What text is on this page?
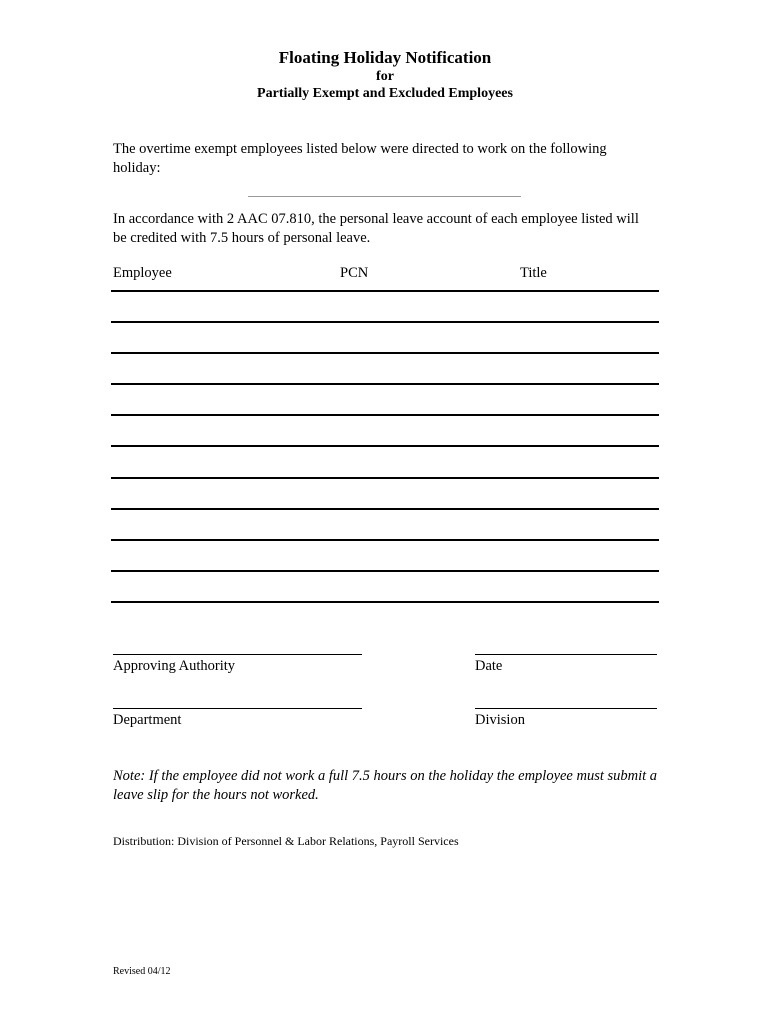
Floating Holiday Notification
for
Partially Exempt and Excluded Employees
The overtime exempt employees listed below were directed to work on the following holiday:
In accordance with 2 AAC 07.810, the personal leave account of each employee listed will be credited with 7.5 hours of personal leave.
Employee	PCN	Title
Approving Authority	Date
Department	Division
Note: If the employee did not work a full 7.5 hours on the holiday the employee must submit a leave slip for the hours not worked.
Distribution: Division of Personnel & Labor Relations, Payroll Services
Revised 04/12
